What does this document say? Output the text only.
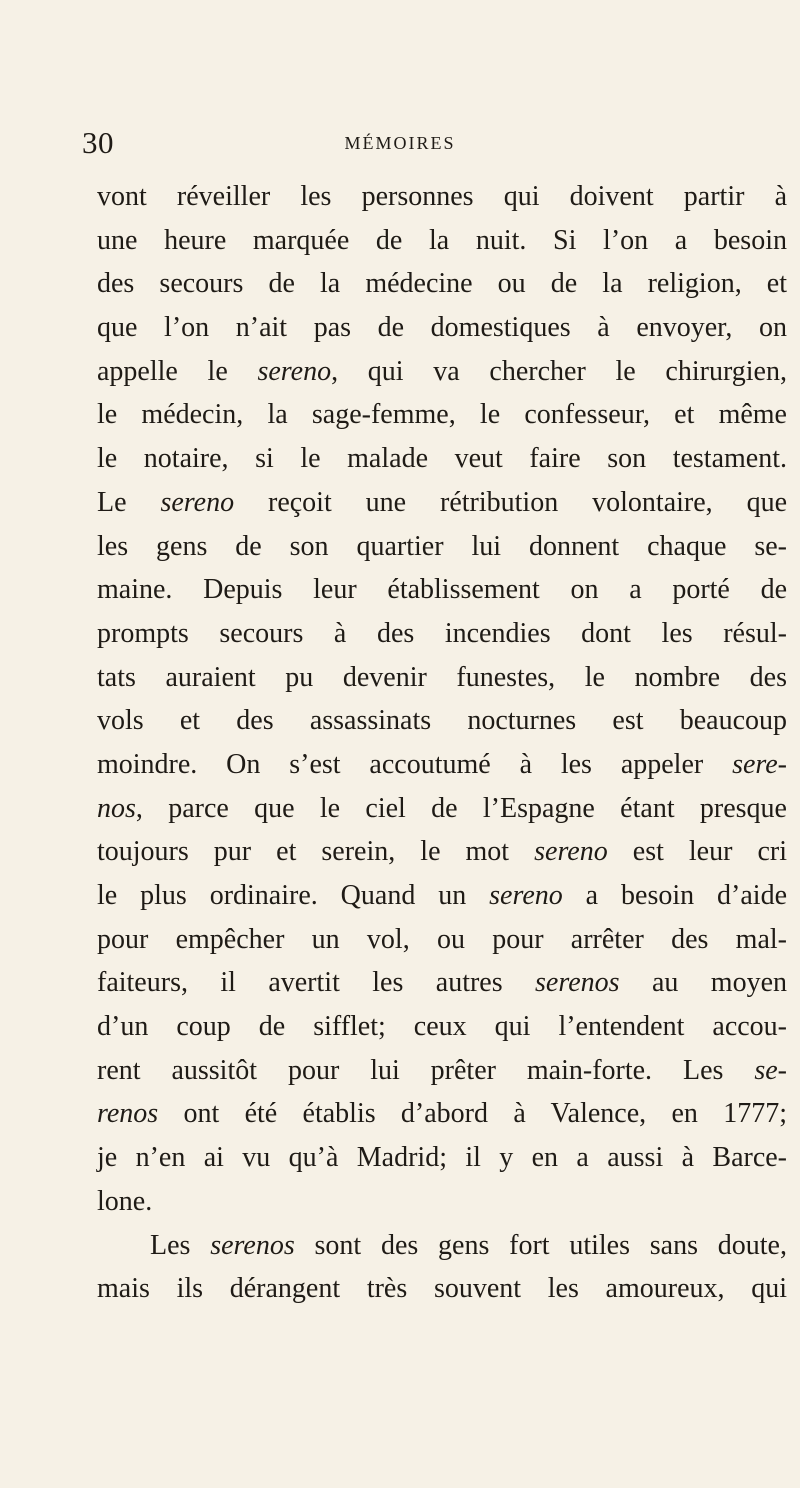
30	MÉMOIRES
vont réveiller les personnes qui doivent partir à
une heure marquée de la nuit. Si l’on a besoin
des secours de la médecine ou de la religion, et
que l’on n’ait pas de domestiques à envoyer, on
appelle le sereno, qui va chercher le chirurgien,
le médecin, la sage-femme, le confesseur, et même
le notaire, si le malade veut faire son testament.
Le sereno reçoit une rétribution volontaire, que
les gens de son quartier lui donnent chaque se-
maine. Depuis leur établissement on a porté de
prompts secours à des incendies dont les résul-
tats auraient pu devenir funestes, le nombre des
vols et des assassinats nocturnes est beaucoup
moindre. On s’est accoutumé à les appeler sere-
nos, parce que le ciel de l’Espagne étant presque
toujours pur et serein, le mot sereno est leur cri
le plus ordinaire. Quand un sereno a besoin d’aide
pour empêcher un vol, ou pour arrêter des mal-
faiteurs, il avertit les autres serenos au moyen
d’un coup de sifflet; ceux qui l’entendent accou-
rent aussitôt pour lui prêter main-forte. Les se-
renos ont été établis d’abord à Valence, en 1777;
je n’en ai vu qu’à Madrid; il y en a aussi à Barce-
lone.
Les serenos sont des gens fort utiles sans doute,
mais ils dérangent très souvent les amoureux, qui
